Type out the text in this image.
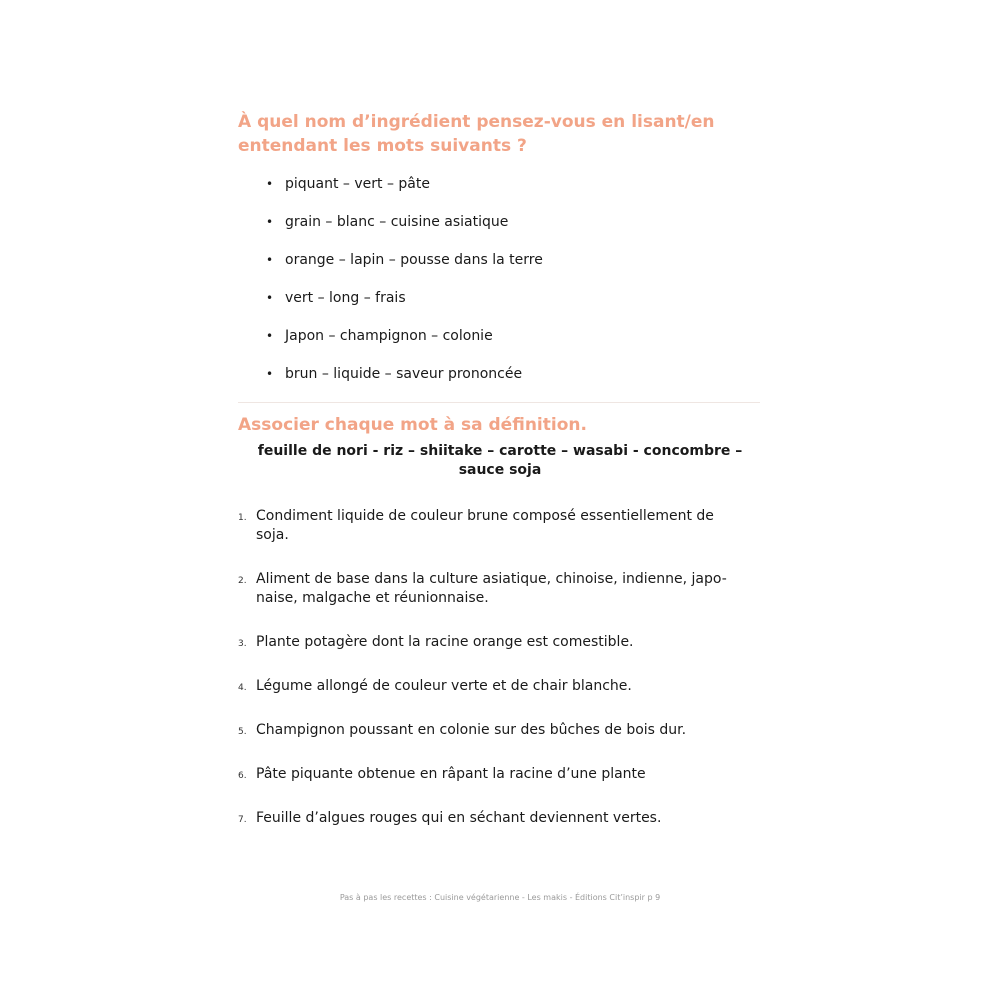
À quel nom d’ingrédient pensez-vous en lisant/en entendant les mots suivants ?
• piquant – vert – pâte
• grain – blanc – cuisine asiatique
• orange – lapin – pousse dans la terre
• vert – long – frais
• Japon – champignon – colonie
• brun – liquide – saveur prononcée
Associer chaque mot à sa définition.

feuille de nori - riz – shiitake – carotte – wasabi - concombre – sauce soja

1. Condiment liquide de couleur brune composé essentiellement de soja.
2. Aliment de base dans la culture asiatique, chinoise, indienne, japo-naise, malgache et réunionnaise.
3. Plante potagère dont la racine orange est comestible.
4. Légume allongé de couleur verte et de chair blanche.
5. Champignon poussant en colonie sur des bûches de bois dur.
6. Pâte piquante obtenue en râpant la racine d’une plante
7. Feuille d’algues rouges qui en séchant deviennent vertes.

Pas à pas les recettes : Cuisine végétarienne - Les makis - Éditions Cit’inspir p 9
